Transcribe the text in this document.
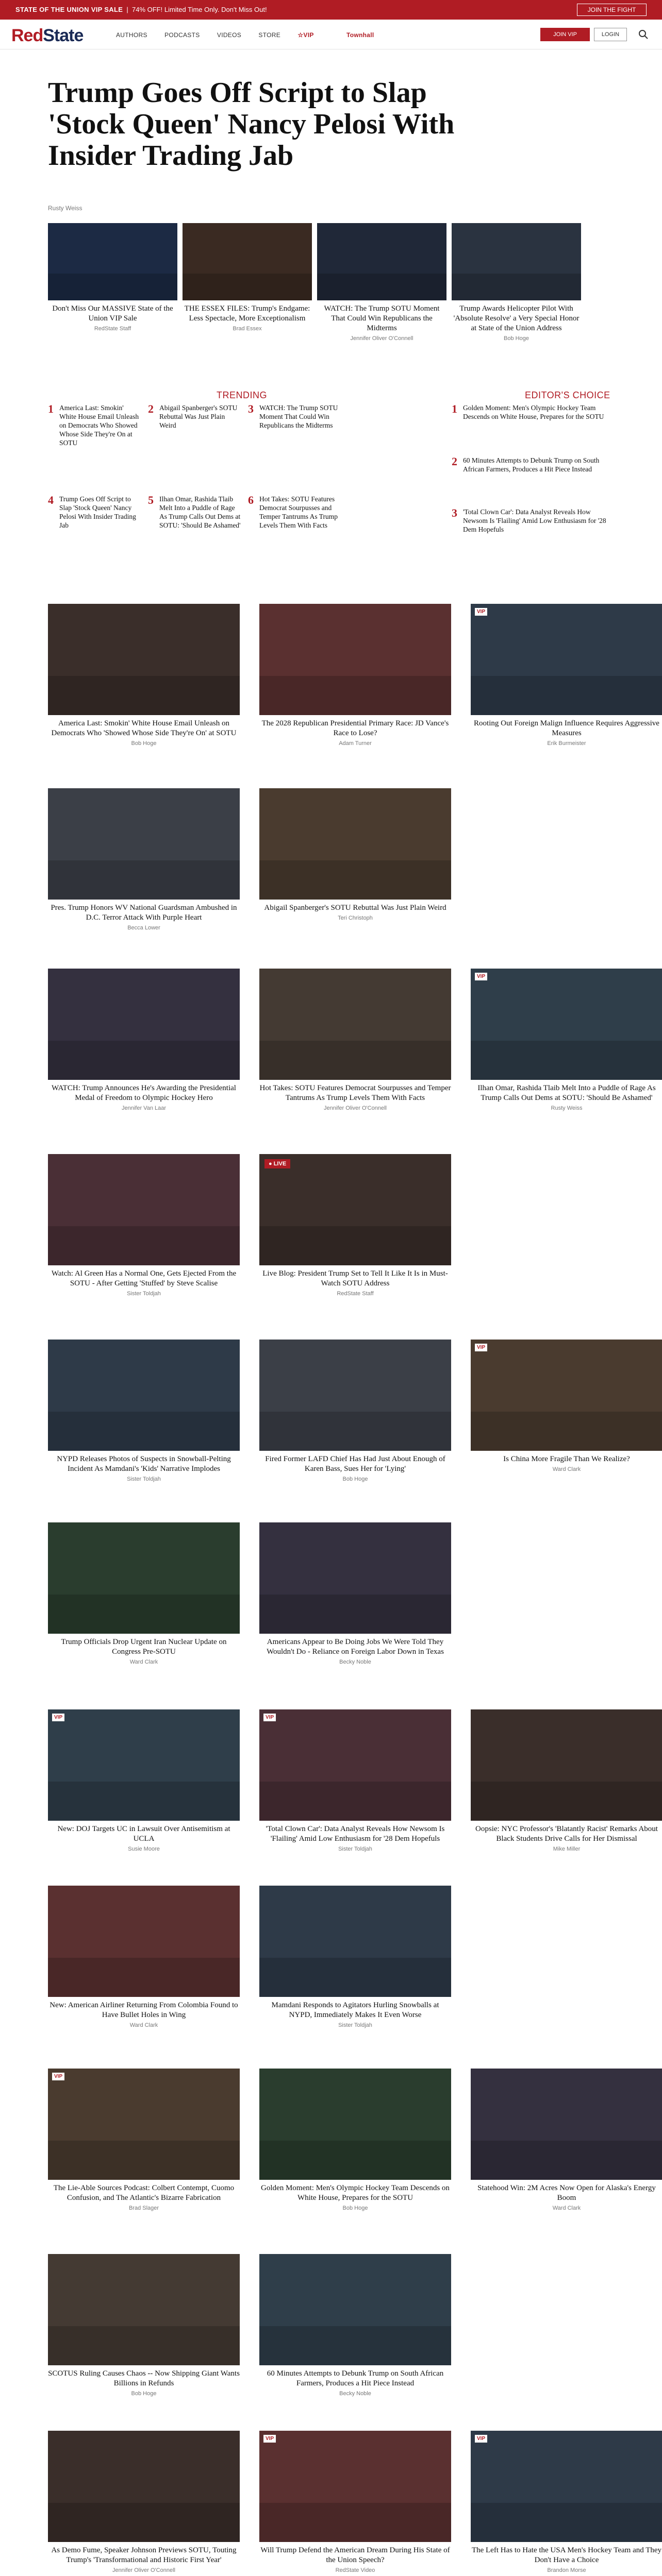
STATE OF THE UNION VIP SALE  |  74% OFF! Limited Time Only. Don't Miss Out!	JOIN THE FIGHT
RedState	AUTHORS	PODCASTS	VIDEOS	STORE	☆VIP	Townhall	JOIN VIP	LOGIN
Trump Goes Off Script to Slap 'Stock Queen' Nancy Pelosi With Insider Trading Jab
Rusty Weiss
Don't Miss Our MASSIVE State of the Union VIP Sale
RedState Staff
THE ESSEX FILES: Trump's Endgame: Less Spectacle, More Exceptionalism
Brad Essex
WATCH: The Trump SOTU Moment That Could Win Republicans the Midterms
Jennifer Oliver O'Connell
Trump Awards Helicopter Pilot With 'Absolute Resolve' a Very Special Honor at State of the Union Address
Bob Hoge
TRENDING
1 America Last: Smokin' White House Email Unleash on Democrats Who Showed Whose Side They're On at SOTU
2 Abigail Spanberger's SOTU Rebuttal Was Just Plain Weird
3 WATCH: The Trump SOTU Moment That Could Win Republicans the Midterms
4 Trump Goes Off Script to Slap 'Stock Queen' Nancy Pelosi With Insider Trading Jab
5 Ilhan Omar, Rashida Tlaib Melt Into a Puddle of Rage As Trump Calls Out Dems at SOTU: 'Should Be Ashamed'
6 Hot Takes: SOTU Features Democrat Sourpusses and Temper Tantrums As Trump Levels Them With Facts
EDITOR'S CHOICE
1 Golden Moment: Men's Olympic Hockey Team Descends on White House, Prepares for the SOTU
2 60 Minutes Attempts to Debunk Trump on South African Farmers, Produces a Hit Piece Instead
3 'Total Clown Car': Data Analyst Reveals How Newsom Is 'Flailing' Amid Low Enthusiasm for '28 Dem Hopefuls
America Last: Smokin' White House Email Unleash on Democrats Who 'Showed Whose Side They're On' at SOTU
Bob Hoge
The 2028 Republican Presidential Primary Race: JD Vance's Race to Lose?
Adam Turner
VIP
Rooting Out Foreign Malign Influence Requires Aggressive Measures
Erik Burmeister
Pres. Trump Honors WV National Guardsman Ambushed in D.C. Terror Attack With Purple Heart
Becca Lower
Abigail Spanberger's SOTU Rebuttal Was Just Plain Weird
Teri Christoph
WATCH: Trump Announces He's Awarding the Presidential Medal of Freedom to Olympic Hockey Hero
Jennifer Van Laar
Hot Takes: SOTU Features Democrat Sourpusses and Temper Tantrums As Trump Levels Them With Facts
Jennifer Oliver O'Connell
VIP
Ilhan Omar, Rashida Tlaib Melt Into a Puddle of Rage As Trump Calls Out Dems at SOTU: 'Should Be Ashamed'
Rusty Weiss
Watch: Al Green Has a Normal One, Gets Ejected From the SOTU - After Getting 'Stuffed' by Steve Scalise
Sister Toldjah
● LIVE
Live Blog: President Trump Set to Tell It Like It Is in Must-Watch SOTU Address
RedState Staff
NYPD Releases Photos of Suspects in Snowball-Pelting Incident As Mamdani's 'Kids' Narrative Implodes
Sister Toldjah
Fired Former LAFD Chief Has Had Just About Enough of Karen Bass, Sues Her for 'Lying'
Bob Hoge
VIP
Is China More Fragile Than We Realize?
Ward Clark
Trump Officials Drop Urgent Iran Nuclear Update on Congress Pre-SOTU
Ward Clark
Americans Appear to Be Doing Jobs We Were Told They Wouldn't Do - Reliance on Foreign Labor Down in Texas
Becky Noble
VIP
New: DOJ Targets UC in Lawsuit Over Antisemitism at UCLA
Susie Moore
VIP
'Total Clown Car': Data Analyst Reveals How Newsom Is 'Flailing' Amid Low Enthusiasm for '28 Dem Hopefuls
Sister Toldjah
Oopsie: NYC Professor's 'Blatantly Racist' Remarks About Black Students Drive Calls for Her Dismissal
Mike Miller
New: American Airliner Returning From Colombia Found to Have Bullet Holes in Wing
Ward Clark
Mamdani Responds to Agitators Hurling Snowballs at NYPD, Immediately Makes It Even Worse
Sister Toldjah
VIP
The Lie-Able Sources Podcast: Colbert Contempt, Cuomo Confusion, and The Atlantic's Bizarre Fabrication
Brad Slager
Golden Moment: Men's Olympic Hockey Team Descends on White House, Prepares for the SOTU
Bob Hoge
Statehood Win: 2M Acres Now Open for Alaska's Energy Boom
Ward Clark
SCOTUS Ruling Causes Chaos -- Now Shipping Giant Wants Billions in Refunds
Bob Hoge
60 Minutes Attempts to Debunk Trump on South African Farmers, Produces a Hit Piece Instead
Becky Noble
As Demo Fume, Speaker Johnson Previews SOTU, Touting Trump's 'Transformational and Historic First Year'
Jennifer Oliver O'Connell
VIP
Will Trump Defend the American Dream During His State of the Union Speech?
RedState Video
VIP
The Left Has to Hate the USA Men's Hockey Team and They Don't Have a Choice
Brandon Morse
